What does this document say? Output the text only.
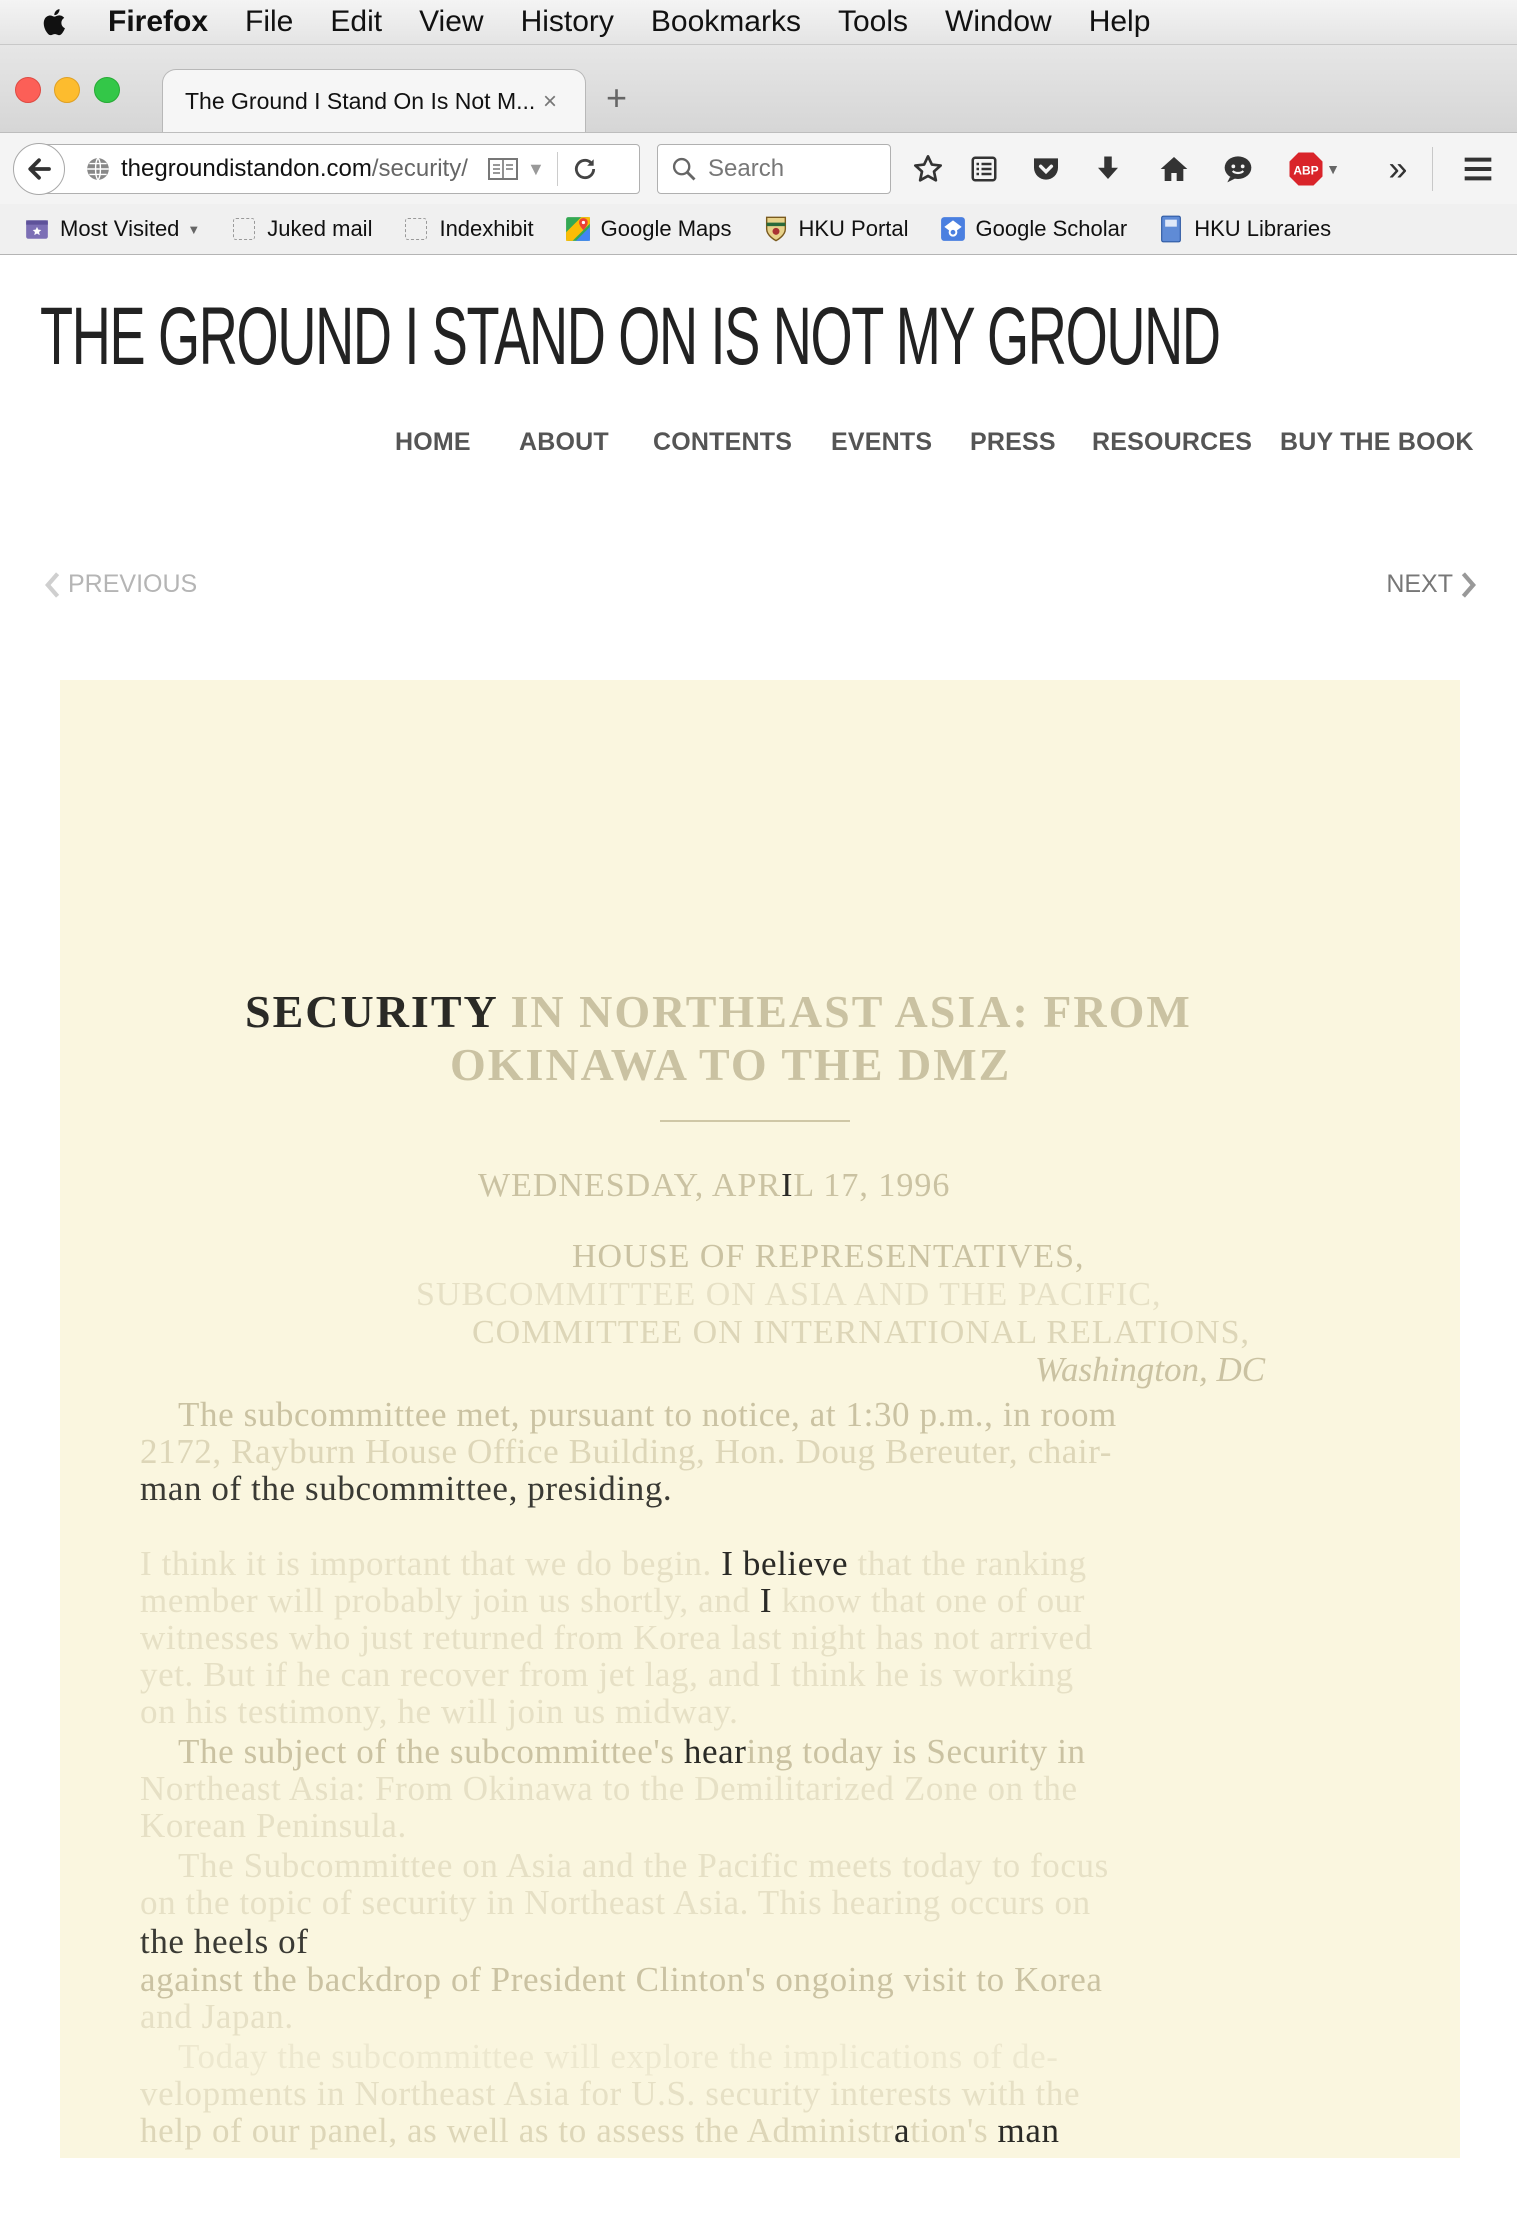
Firefox File Edit View History Bookmarks Tools Window Help
The Ground I Stand On Is Not M... × +
thegroundistandon.com/security/	▼
Search	ABP ▼ »
Most Visited ▼	Juked mail	Indexhibit	Google Maps	HKU Portal	Google Scholar	HKU Libraries
THE GROUND I STAND ON IS NOT MY GROUND
HOME ABOUT CONTENTS EVENTS PRESS RESOURCES BUY THE BOOK
PREVIOUS	NEXT
SECURITY IN NORTHEAST ASIA: FROM
OKINAWA TO THE DMZ
WEDNESDAY, APRIL 17, 1996
HOUSE OF REPRESENTATIVES,
SUBCOMMITTEE ON ASIA AND THE PACIFIC,
COMMITTEE ON INTERNATIONAL RELATIONS,
Washington, DC
The subcommittee met, pursuant to notice, at 1:30 p.m., in room
2172, Rayburn House Office Building, Hon. Doug Bereuter, chair-
man of the subcommittee, presiding.
I think it is important that we do begin. I believe that the ranking
member will probably join us shortly, and I know that one of our
witnesses who just returned from Korea last night has not arrived
yet. But if he can recover from jet lag, and I think he is working
on his testimony, he will join us midway.
The subject of the subcommittee's hearing today is Security in
Northeast Asia: From Okinawa to the Demilitarized Zone on the
Korean Peninsula.
The Subcommittee on Asia and the Pacific meets today to focus
on the topic of security in Northeast Asia. This hearing occurs on
the heels of
against the backdrop of President Clinton's ongoing visit to Korea
and Japan.
Today the subcommittee will explore the implications of de-
velopments in Northeast Asia for U.S. security interests with the
help of our panel, as well as to assess the Administration's man
